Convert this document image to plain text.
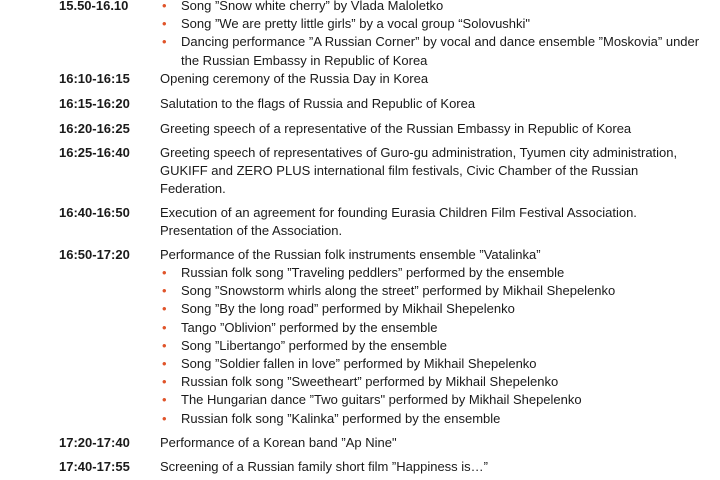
15.50-16.10	• Song ”Snow white cherry” by Vlada Maloletko
• Song ”We are pretty little girls” by a vocal group “Solovushki"
• Dancing performance ”A Russian Corner” by vocal and dance ensemble ”Moskovia” under the Russian Embassy in Republic of Korea
16:10-16:15 Opening ceremony of the Russia Day in Korea
16:15-16:20 Salutation to the flags of Russia and Republic of Korea
16:20-16:25 Greeting speech of a representative of the Russian Embassy in Republic of Korea
16:25-16:40 Greeting speech of representatives of Guro-gu administration, Tyumen city administration, GUKIFF and ZERO PLUS international film festivals, Civic Chamber of the Russian Federation.
16:40-16:50 Execution of an agreement for founding Eurasia Children Film Festival Association. Presentation of the Association.
16:50-17:20 Performance of the Russian folk instruments ensemble ”Vatalinka”
• Russian folk song ”Traveling peddlers” performed by the ensemble
• Song ”Snowstorm whirls along the street” performed by Mikhail Shepelenko
• Song ”By the long road” performed by Mikhail Shepelenko
• Tango ”Oblivion” performed by the ensemble
• Song ”Libertango” performed by the ensemble
• Song ”Soldier fallen in love” performed by Mikhail Shepelenko
• Russian folk song ”Sweetheart” performed by Mikhail Shepelenko
• The Hungarian dance ”Two guitars" performed by Mikhail Shepelenko
• Russian folk song ”Kalinka” performed by the ensemble
17:20-17:40 Performance of a Korean band ”Ap Nine"
17:40-17:55 Screening of a Russian family short film ”Happiness is…”
